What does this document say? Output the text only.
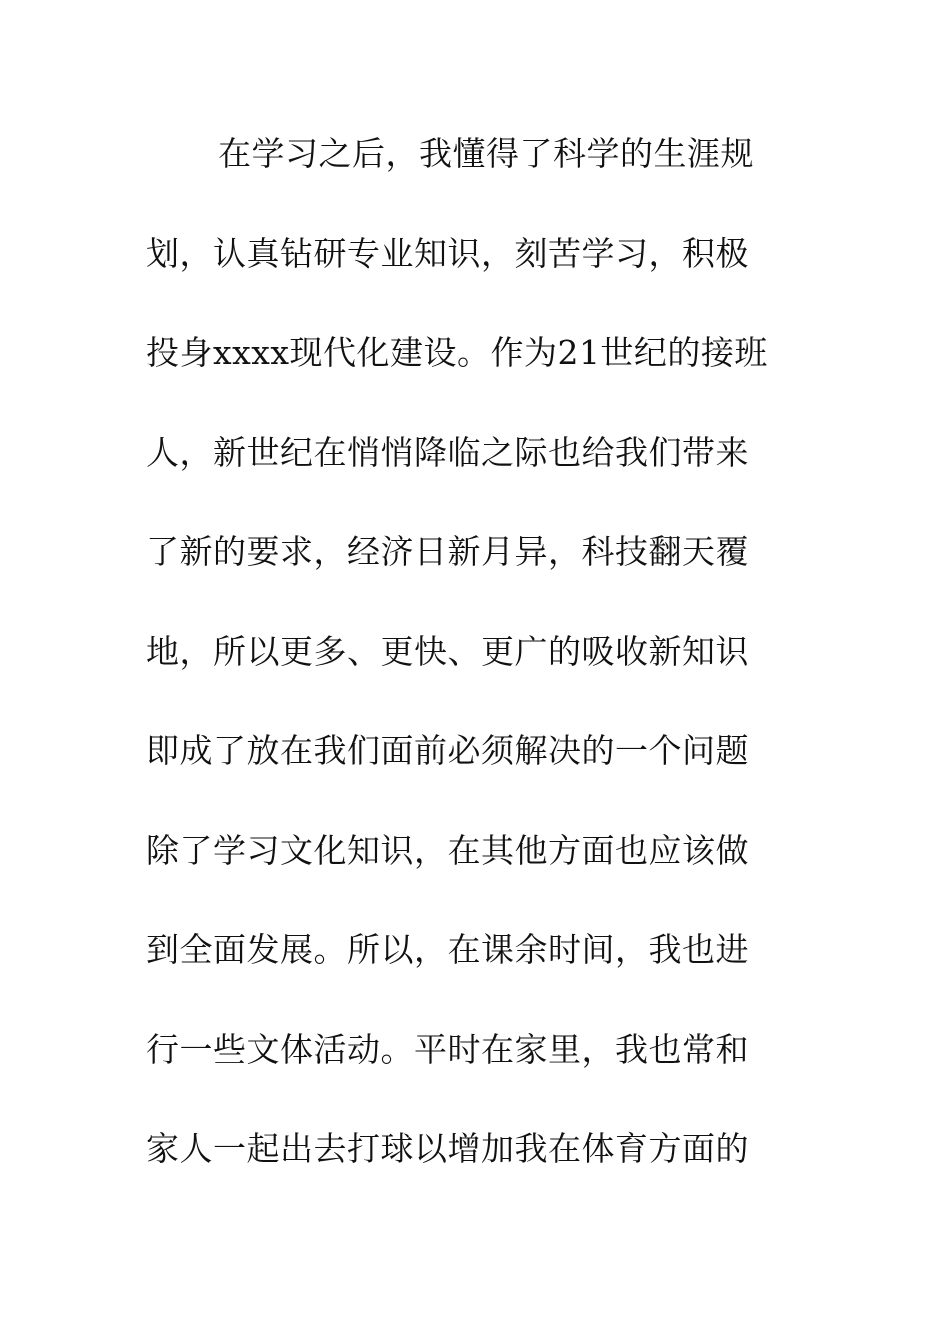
在学习之后，我懂得了科学的生涯规
划，认真钻研专业知识，刻苦学习，积极
投身xxxx现代化建设。作为21世纪的接班
人，新世纪在悄悄降临之际也给我们带来
了新的要求，经济日新月异，科技翻天覆
地，所以更多、更快、更广的吸收新知识
即成了放在我们面前必须解决的一个问题
除了学习文化知识，在其他方面也应该做
到全面发展。所以，在课余时间，我也进
行一些文体活动。平时在家里，我也常和
家人一起出去打球以增加我在体育方面的
